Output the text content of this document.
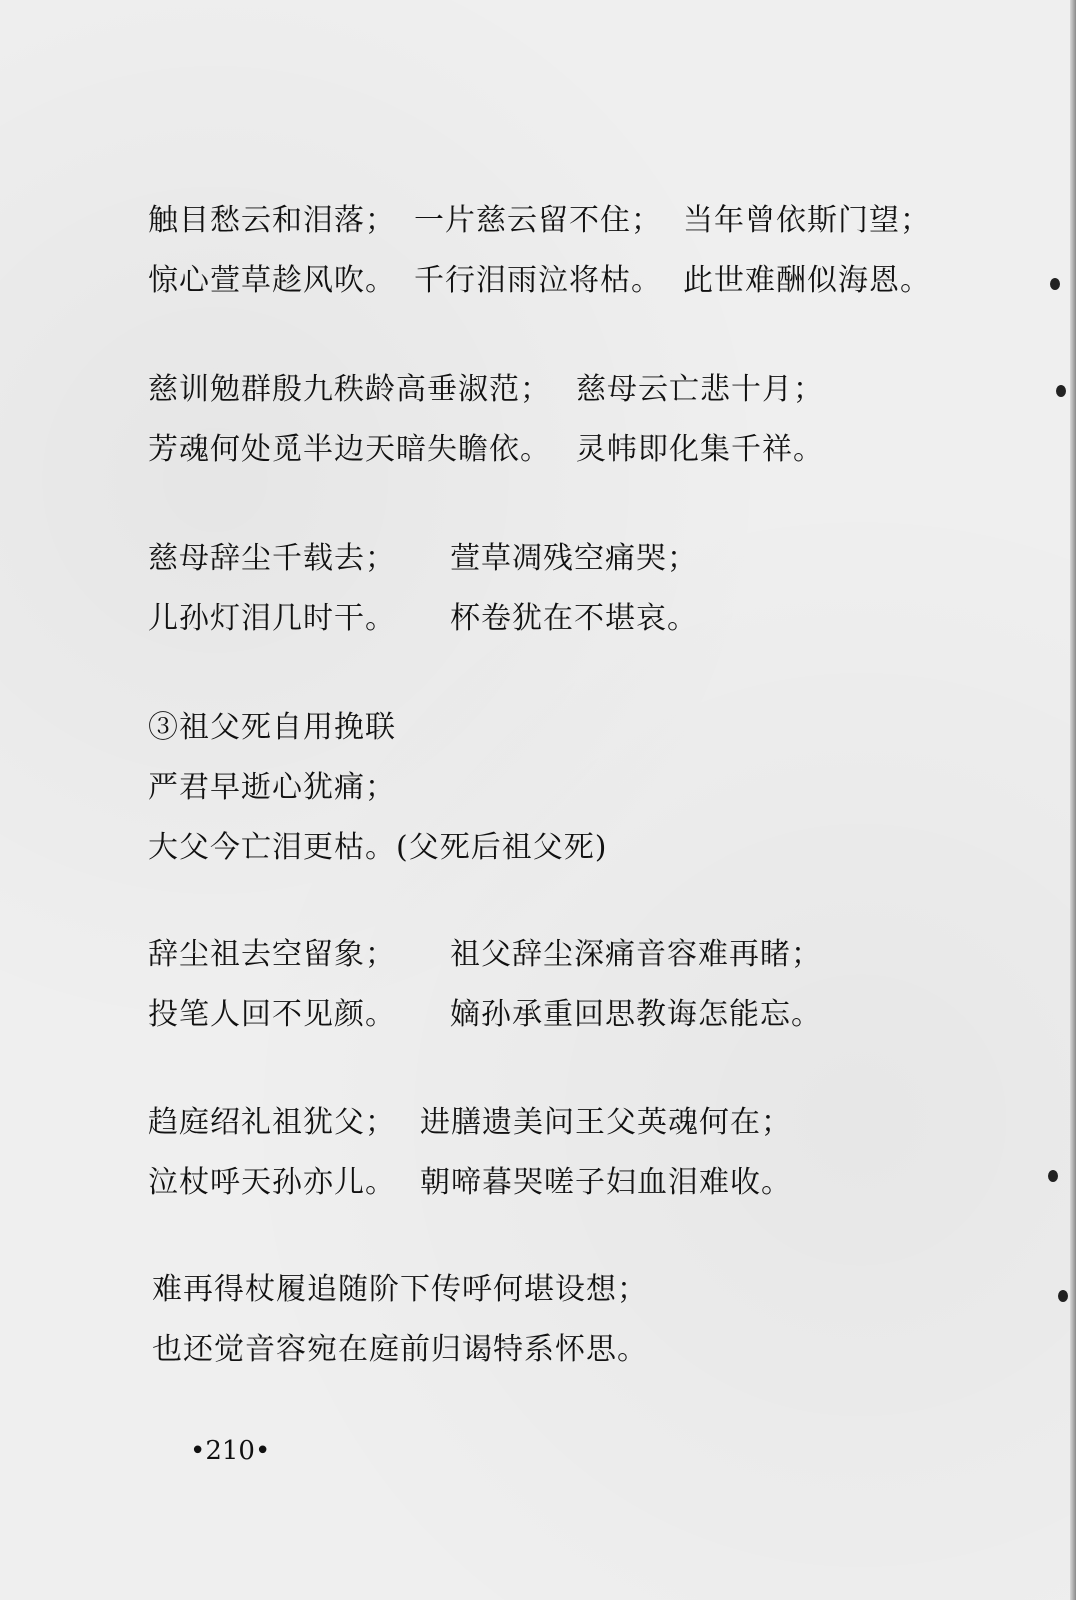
触目愁云和泪落； 一片慈云留不住； 当年曾依斯门望；
惊心萱草趁风吹。 千行泪雨泣将枯。 此世难酬似海恩。
慈训勉群殷九秩龄高垂淑范； 慈母云亡悲十月；
芳魂何处觅半边天暗失瞻依。 灵帏即化集千祥。
慈母辞尘千载去； 萱草凋残空痛哭；
儿孙灯泪几时干。 杯卷犹在不堪哀。
③祖父死自用挽联
严君早逝心犹痛；
大父今亡泪更枯。(父死后祖父死)
辞尘祖去空留象； 祖父辞尘深痛音容难再睹；
投笔人回不见颜。 嫡孙承重回思教诲怎能忘。
趋庭绍礼祖犹父； 进膳遗美问王父英魂何在；
泣杖呼天孙亦儿。 朝啼暮哭嗟子妇血泪难收。
难再得杖履追随阶下传呼何堪设想；
也还觉音容宛在庭前归谒特系怀思。
•210•
